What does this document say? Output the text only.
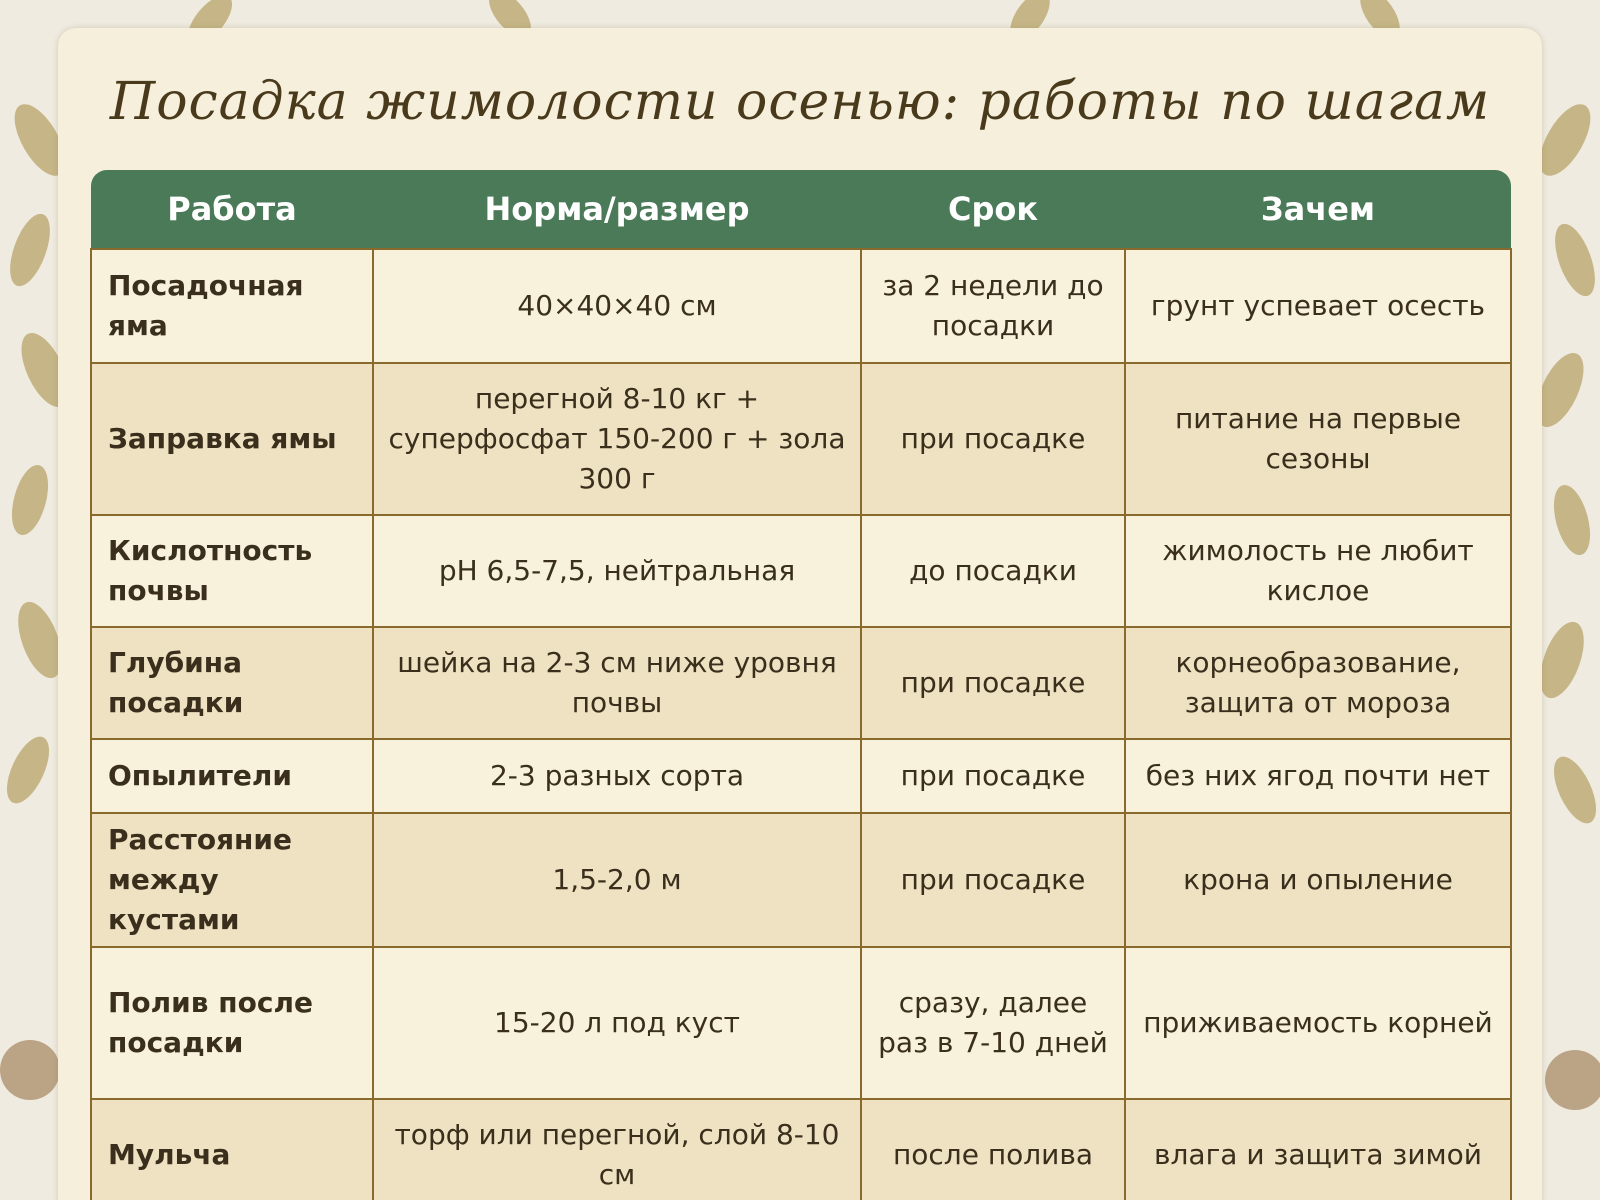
Посадка жимолости осенью: работы по шагам
Работа	Норма/размер	Срок	Зачем
Посадочная яма	40×40×40 см	за 2 недели до посадки	грунт успевает осесть
Заправка ямы	перегной 8-10 кг + суперфосфат 150-200 г + зола 300 г	при посадке	питание на первые сезоны
Кислотность почвы	pH 6,5-7,5, нейтральная	до посадки	жимолость не любит кислое
Глубина посадки	шейка на 2-3 см ниже уровня почвы	при посадке	корнеобразование, защита от мороза
Опылители	2-3 разных сорта	при посадке	без них ягод почти нет
Расстояние между кустами	1,5-2,0 м	при посадке	крона и опыление
Полив после посадки	15-20 л под куст	сразу, далее раз в 7-10 дней	приживаемость корней
Мульча	торф или перегной, слой 8-10 см	после полива	влага и защита зимой
